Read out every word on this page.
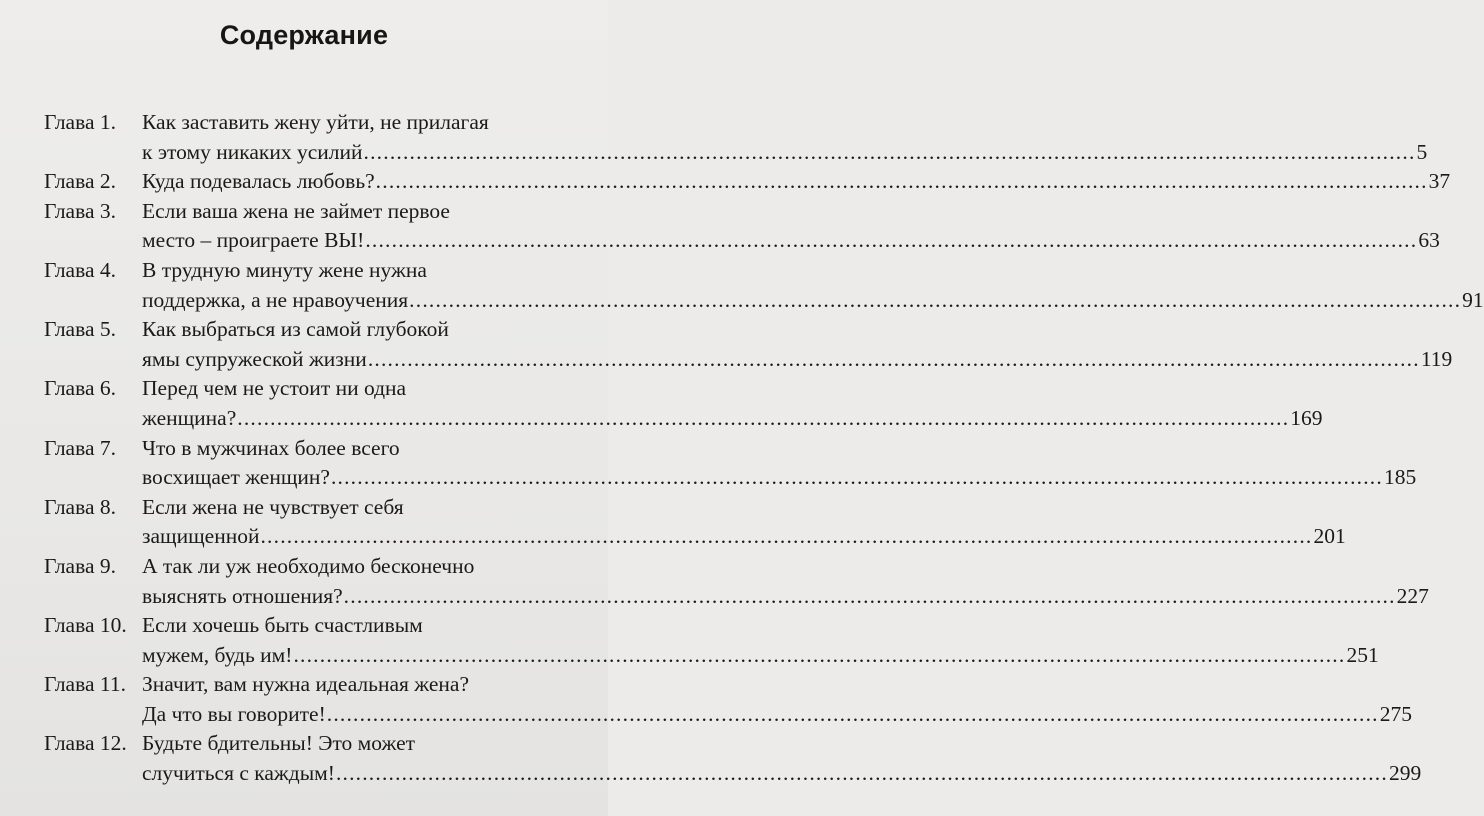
Содержание
Глава 1. Как заставить жену уйти, не прилагая
к этому никаких усилий ................................................................................................................................................................ 5
Глава 2. Куда подевалась любовь? ................................................................................................................................................................ 37
Глава 3. Если ваша жена не займет первое
место – проиграете ВЫ! ................................................................................................................................................................ 63
Глава 4. В трудную минуту жене нужна
поддержка, а не нравоучения ................................................................................................................................................................ 91
Глава 5. Как выбраться из самой глубокой
ямы супружеской жизни ................................................................................................................................................................ 119
Глава 6. Перед чем не устоит ни одна
женщина? ................................................................................................................................................................ 169
Глава 7. Что в мужчинах более всего
восхищает женщин? ................................................................................................................................................................ 185
Глава 8. Если жена не чувствует себя
защищенной ................................................................................................................................................................ 201
Глава 9. А так ли уж необходимо бесконечно
выяснять отношения? ................................................................................................................................................................ 227
Глава 10. Если хочешь быть счастливым
мужем, будь им! ................................................................................................................................................................ 251
Глава 11. Значит, вам нужна идеальная жена?
Да что вы говорите! ................................................................................................................................................................ 275
Глава 12. Будьте бдительны! Это может
случиться с каждым! ................................................................................................................................................................ 299
